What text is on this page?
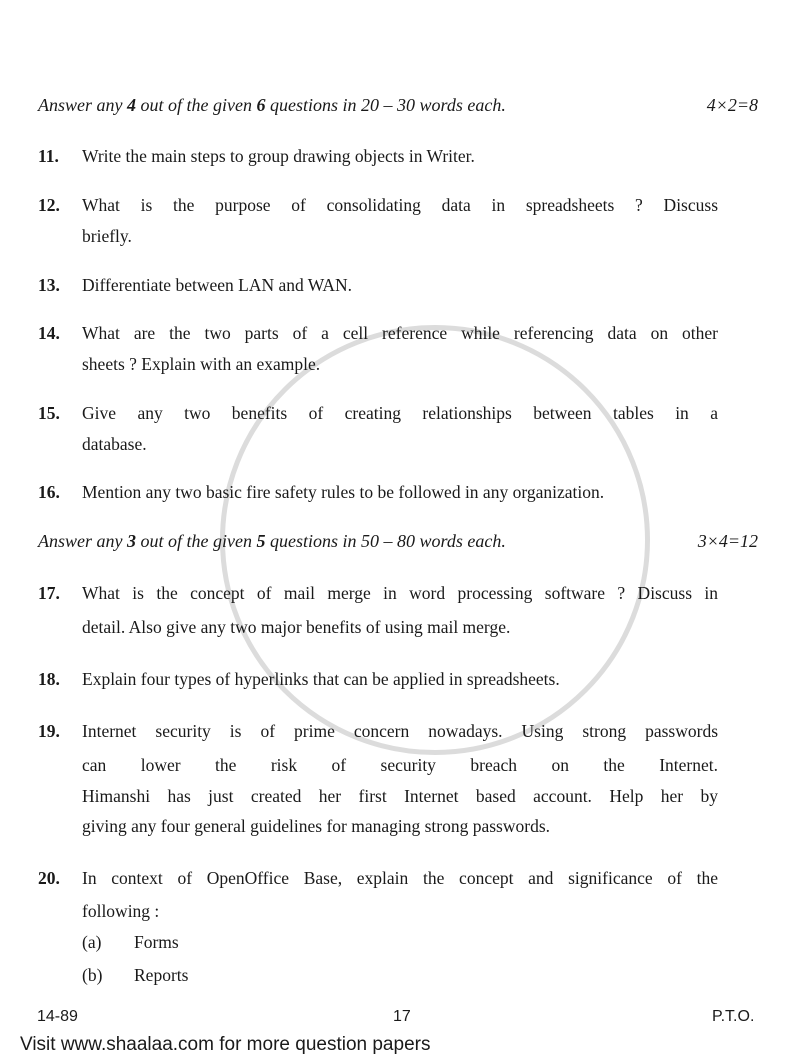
Answer any 4 out of the given 6 questions in 20 – 30 words each.	4×2=8
Answer any 3 out of the given 5 questions in 50 – 80 words each.	3×4=12
11. Write the main steps to group drawing objects in Writer.
12. What is the purpose of consolidating data in spreadsheets ? Discuss
briefly.
13. Differentiate between LAN and WAN.
14. What are the two parts of a cell reference while referencing data on other
sheets ? Explain with an example.
15. Give any two benefits of creating relationships between tables in a
database.
16. Mention any two basic fire safety rules to be followed in any organization.
17. What is the concept of mail merge in word processing software ? Discuss in
detail. Also give any two major benefits of using mail merge.
18. Explain four types of hyperlinks that can be applied in spreadsheets.
19. Internet security is of prime concern nowadays. Using strong passwords
can lower the risk of security breach on the Internet.
Himanshi has just created her first Internet based account. Help her by
giving any four general guidelines for managing strong passwords.
20. In context of OpenOffice Base, explain the concept and significance of the
following :
(a) Forms
(b) Reports
14-89	17	P.T.O.
Visit www.shaalaa.com for more question papers
